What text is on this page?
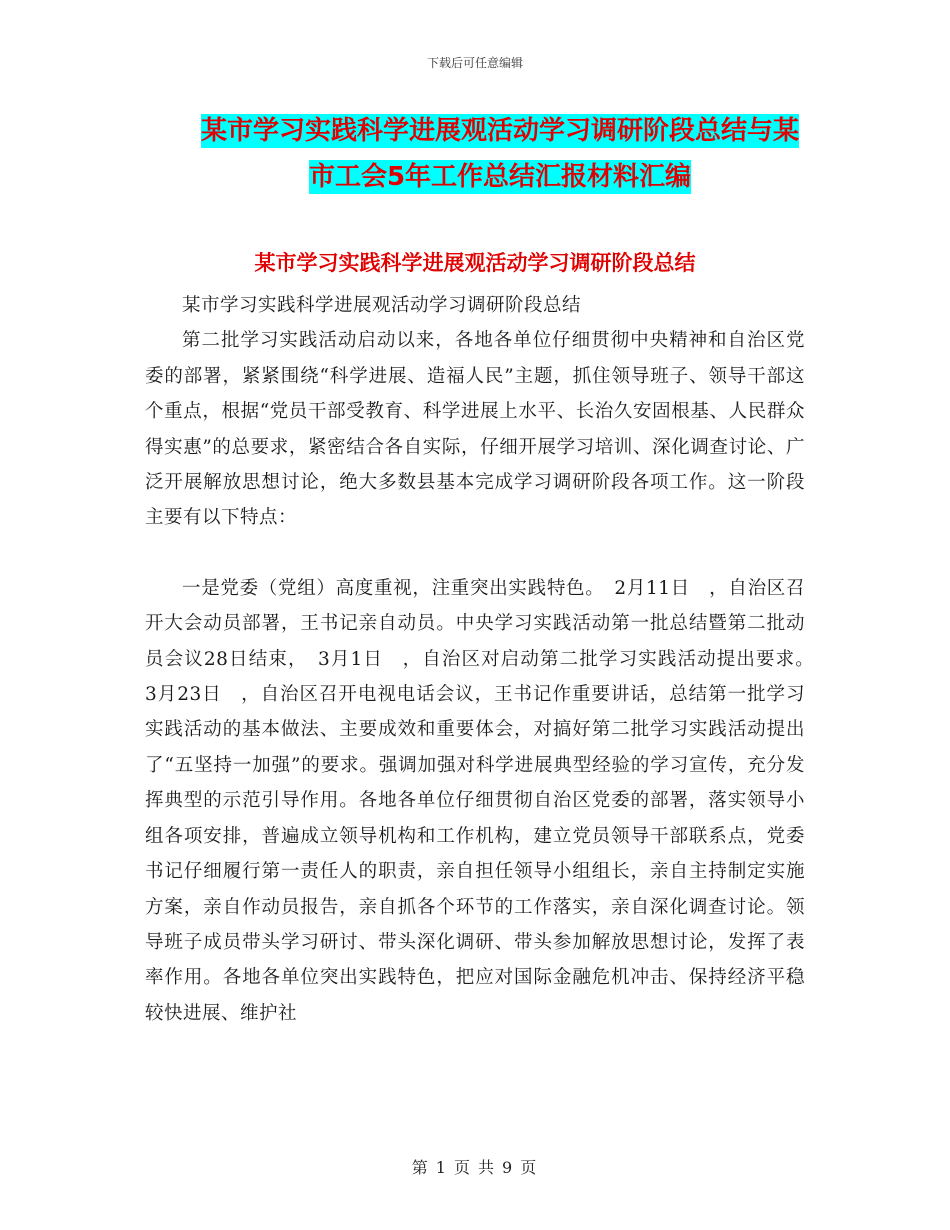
下载后可任意编辑
某市学习实践科学进展观活动学习调研阶段总结与某
市工会5年工作总结汇报材料汇编
某市学习实践科学进展观活动学习调研阶段总结

某市学习实践科学进展观活动学习调研阶段总结

第二批学习实践活动启动以来，各地各单位仔细贯彻中央精神和自治区党委的部署，紧紧围绕“科学进展、造福人民”主题，抓住领导班子、领导干部这个重点，根据“党员干部受教育、科学进展上水平、长治久安固根基、人民群众得实惠”的总要求，紧密结合各自实际，仔细开展学习培训、深化调查讨论、广泛开展解放思想讨论，绝大多数县基本完成学习调研阶段各项工作。这一阶段主要有以下特点：

一是党委（党组）高度重视，注重突出实践特色。　2月11日　，自治区召开大会动员部署，王书记亲自动员。中央学习实践活动第一批总结暨第二批动员会议28日结束，　3月1日　，自治区对启动第二批学习实践活动提出要求。　3月23日　，自治区召开电视电话会议，王书记作重要讲话，总结第一批学习实践活动的基本做法、主要成效和重要体会，对搞好第二批学习实践活动提出了“五坚持一加强”的要求。强调加强对科学进展典型经验的学习宣传，充分发挥典型的示范引导作用。各地各单位仔细贯彻自治区党委的部署，落实领导小组各项安排，普遍成立领导机构和工作机构，建立党员领导干部联系点，党委书记仔细履行第一责任人的职责，亲自担任领导小组组长，亲自主持制定实施方案，亲自作动员报告，亲自抓各个环节的工作落实，亲自深化调查讨论。领导班子成员带头学习研讨、带头深化调研、带头参加解放思想讨论，发挥了表率作用。各地各单位突出实践特色，把应对国际金融危机冲击、保持经济平稳较快进展、维护社

第 1 页 共 9 页
